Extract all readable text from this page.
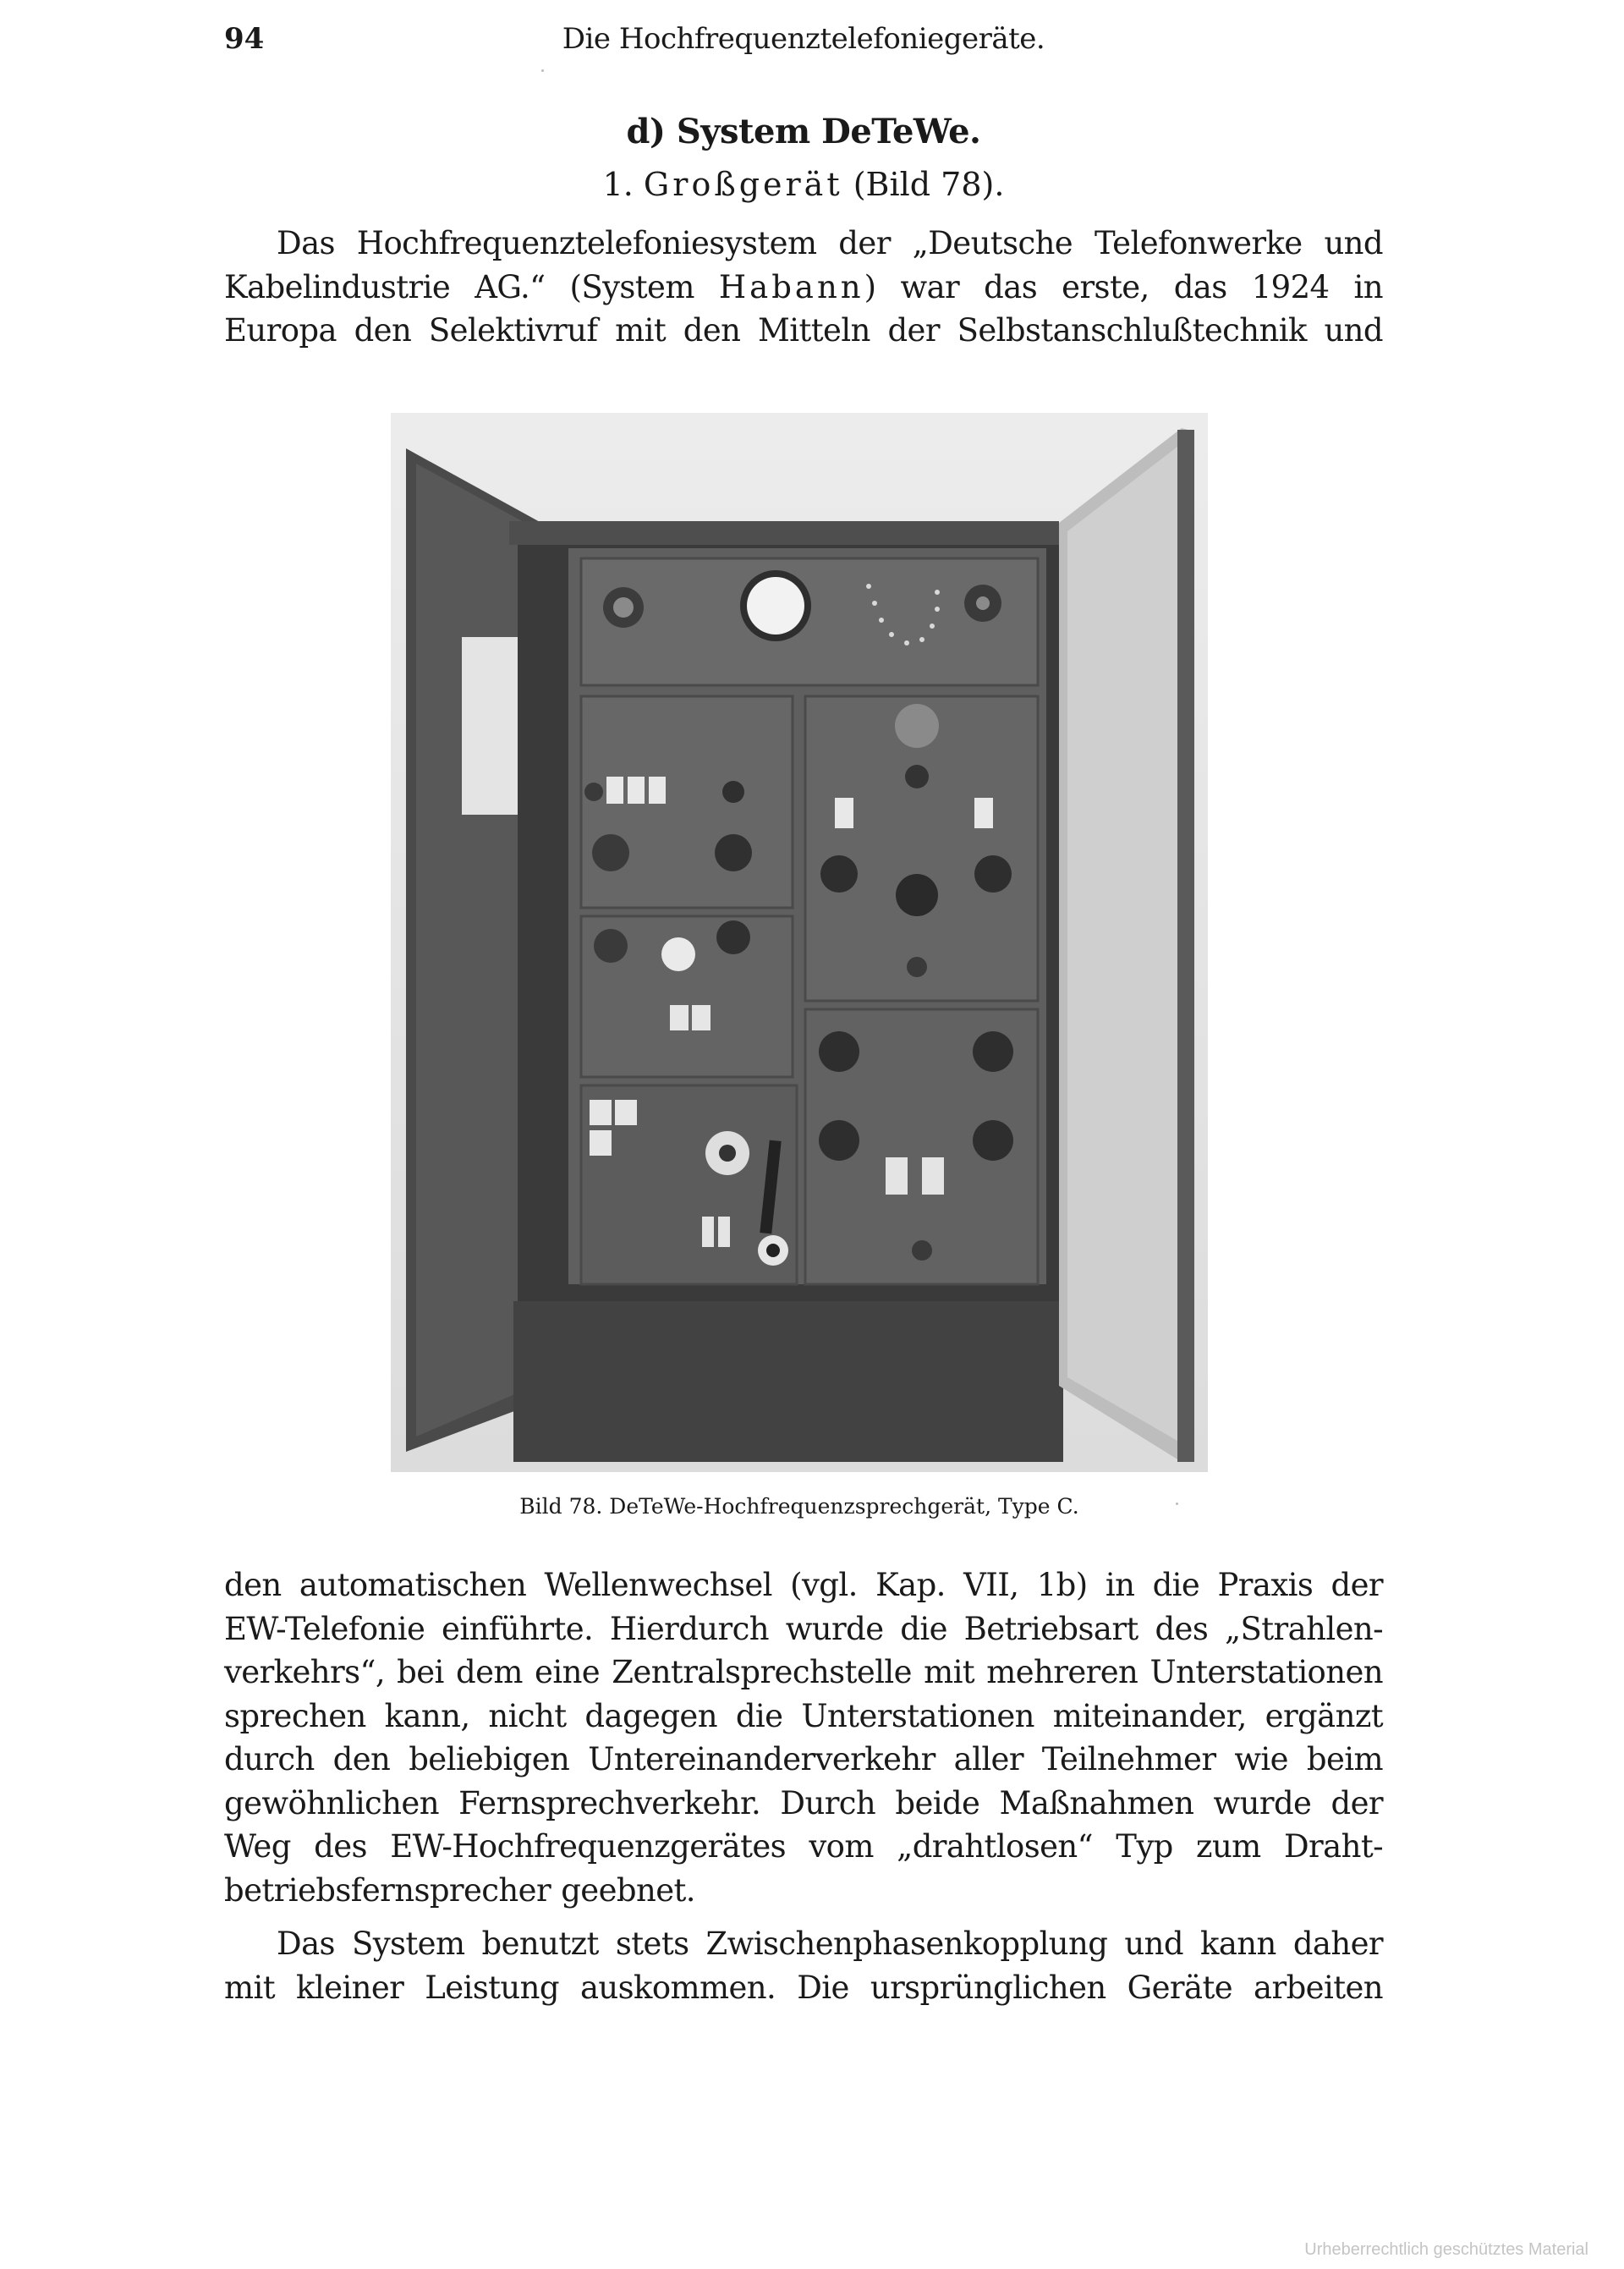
94	Die Hochfrequenztelefoniegeräte.
d) System DeTeWe.
1. Großgerät (Bild 78).
Das Hochfrequenztelefoniesystem der „Deutsche Telefonwerke und
Kabelindustrie AG.“ (System Habann) war das erste, das 1924 in
Europa den Selektivruf mit den Mitteln der Selbstanschlußtechnik und
Bild 78. DeTeWe-Hochfrequenzsprechgerät, Type C.
den automatischen Wellenwechsel (vgl. Kap. VII, 1b) in die Praxis der
EW-Telefonie einführte. Hierdurch wurde die Betriebsart des „Strahlen-
verkehrs“, bei dem eine Zentralsprechstelle mit mehreren Unterstationen
sprechen kann, nicht dagegen die Unterstationen miteinander, ergänzt
durch den beliebigen Untereinanderverkehr aller Teilnehmer wie beim
gewöhnlichen Fernsprechverkehr. Durch beide Maßnahmen wurde der
Weg des EW-Hochfrequenzgerätes vom „drahtlosen“ Typ zum Draht-
betriebsfernsprecher geebnet.
Das System benutzt stets Zwischenphasenkopplung und kann daher
mit kleiner Leistung auskommen. Die ursprünglichen Geräte arbeiten
Urheberrechtlich geschütztes Material
